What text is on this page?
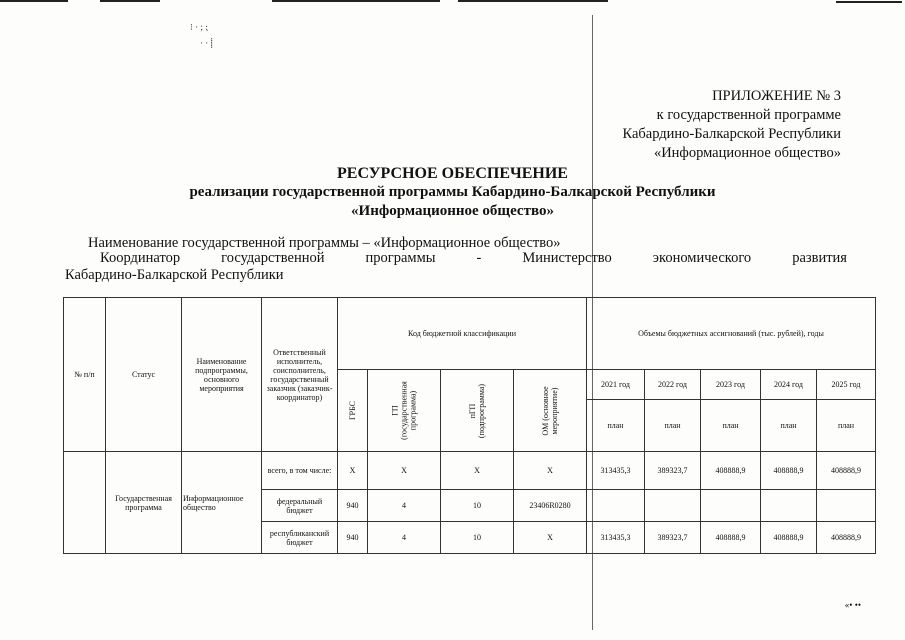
⁝ · ; ⁏
· · ⸽
ПРИЛОЖЕНИЕ № 3
к государственной программе
Кабардино-Балкарской Республики
«Информационное общество»
РЕСУРСНОЕ ОБЕСПЕЧЕНИЕ
реализации государственной программы Кабардино-Балкарской Республики
«Информационное общество»
Наименование государственной программы – «Информационное общество»
Координатор	государственной	программы	-	Министерство	экономического	развития
Кабардино-Балкарской Республики
№ п/п	Статус	Наименование подпрограммы, основного мероприятия	Ответственный исполнитель, соисполнитель, государственный заказчик (заказчик-координатор)	Код бюджетной классификации				Объемы бюджетных ассигнований (тыс. рублей), годы				
				ГРБС	ГП (государственная программа)	пГП (подпрограмма)	ОМ (основное мероприятие)	2021 год	2022 год	2023 год	2024 год	2025 год
								план	план	план	план	план
	Государственная программа	Информационное общество	всего, в том числе:	X	X	X	X	313435,3	389323,7	408888,9	408888,9	408888,9
			федеральный бюджет	940	4	10	23406R0280					
			республиканский бюджет	940	4	10	X	313435,3	389323,7	408888,9	408888,9	408888,9
«• ••
